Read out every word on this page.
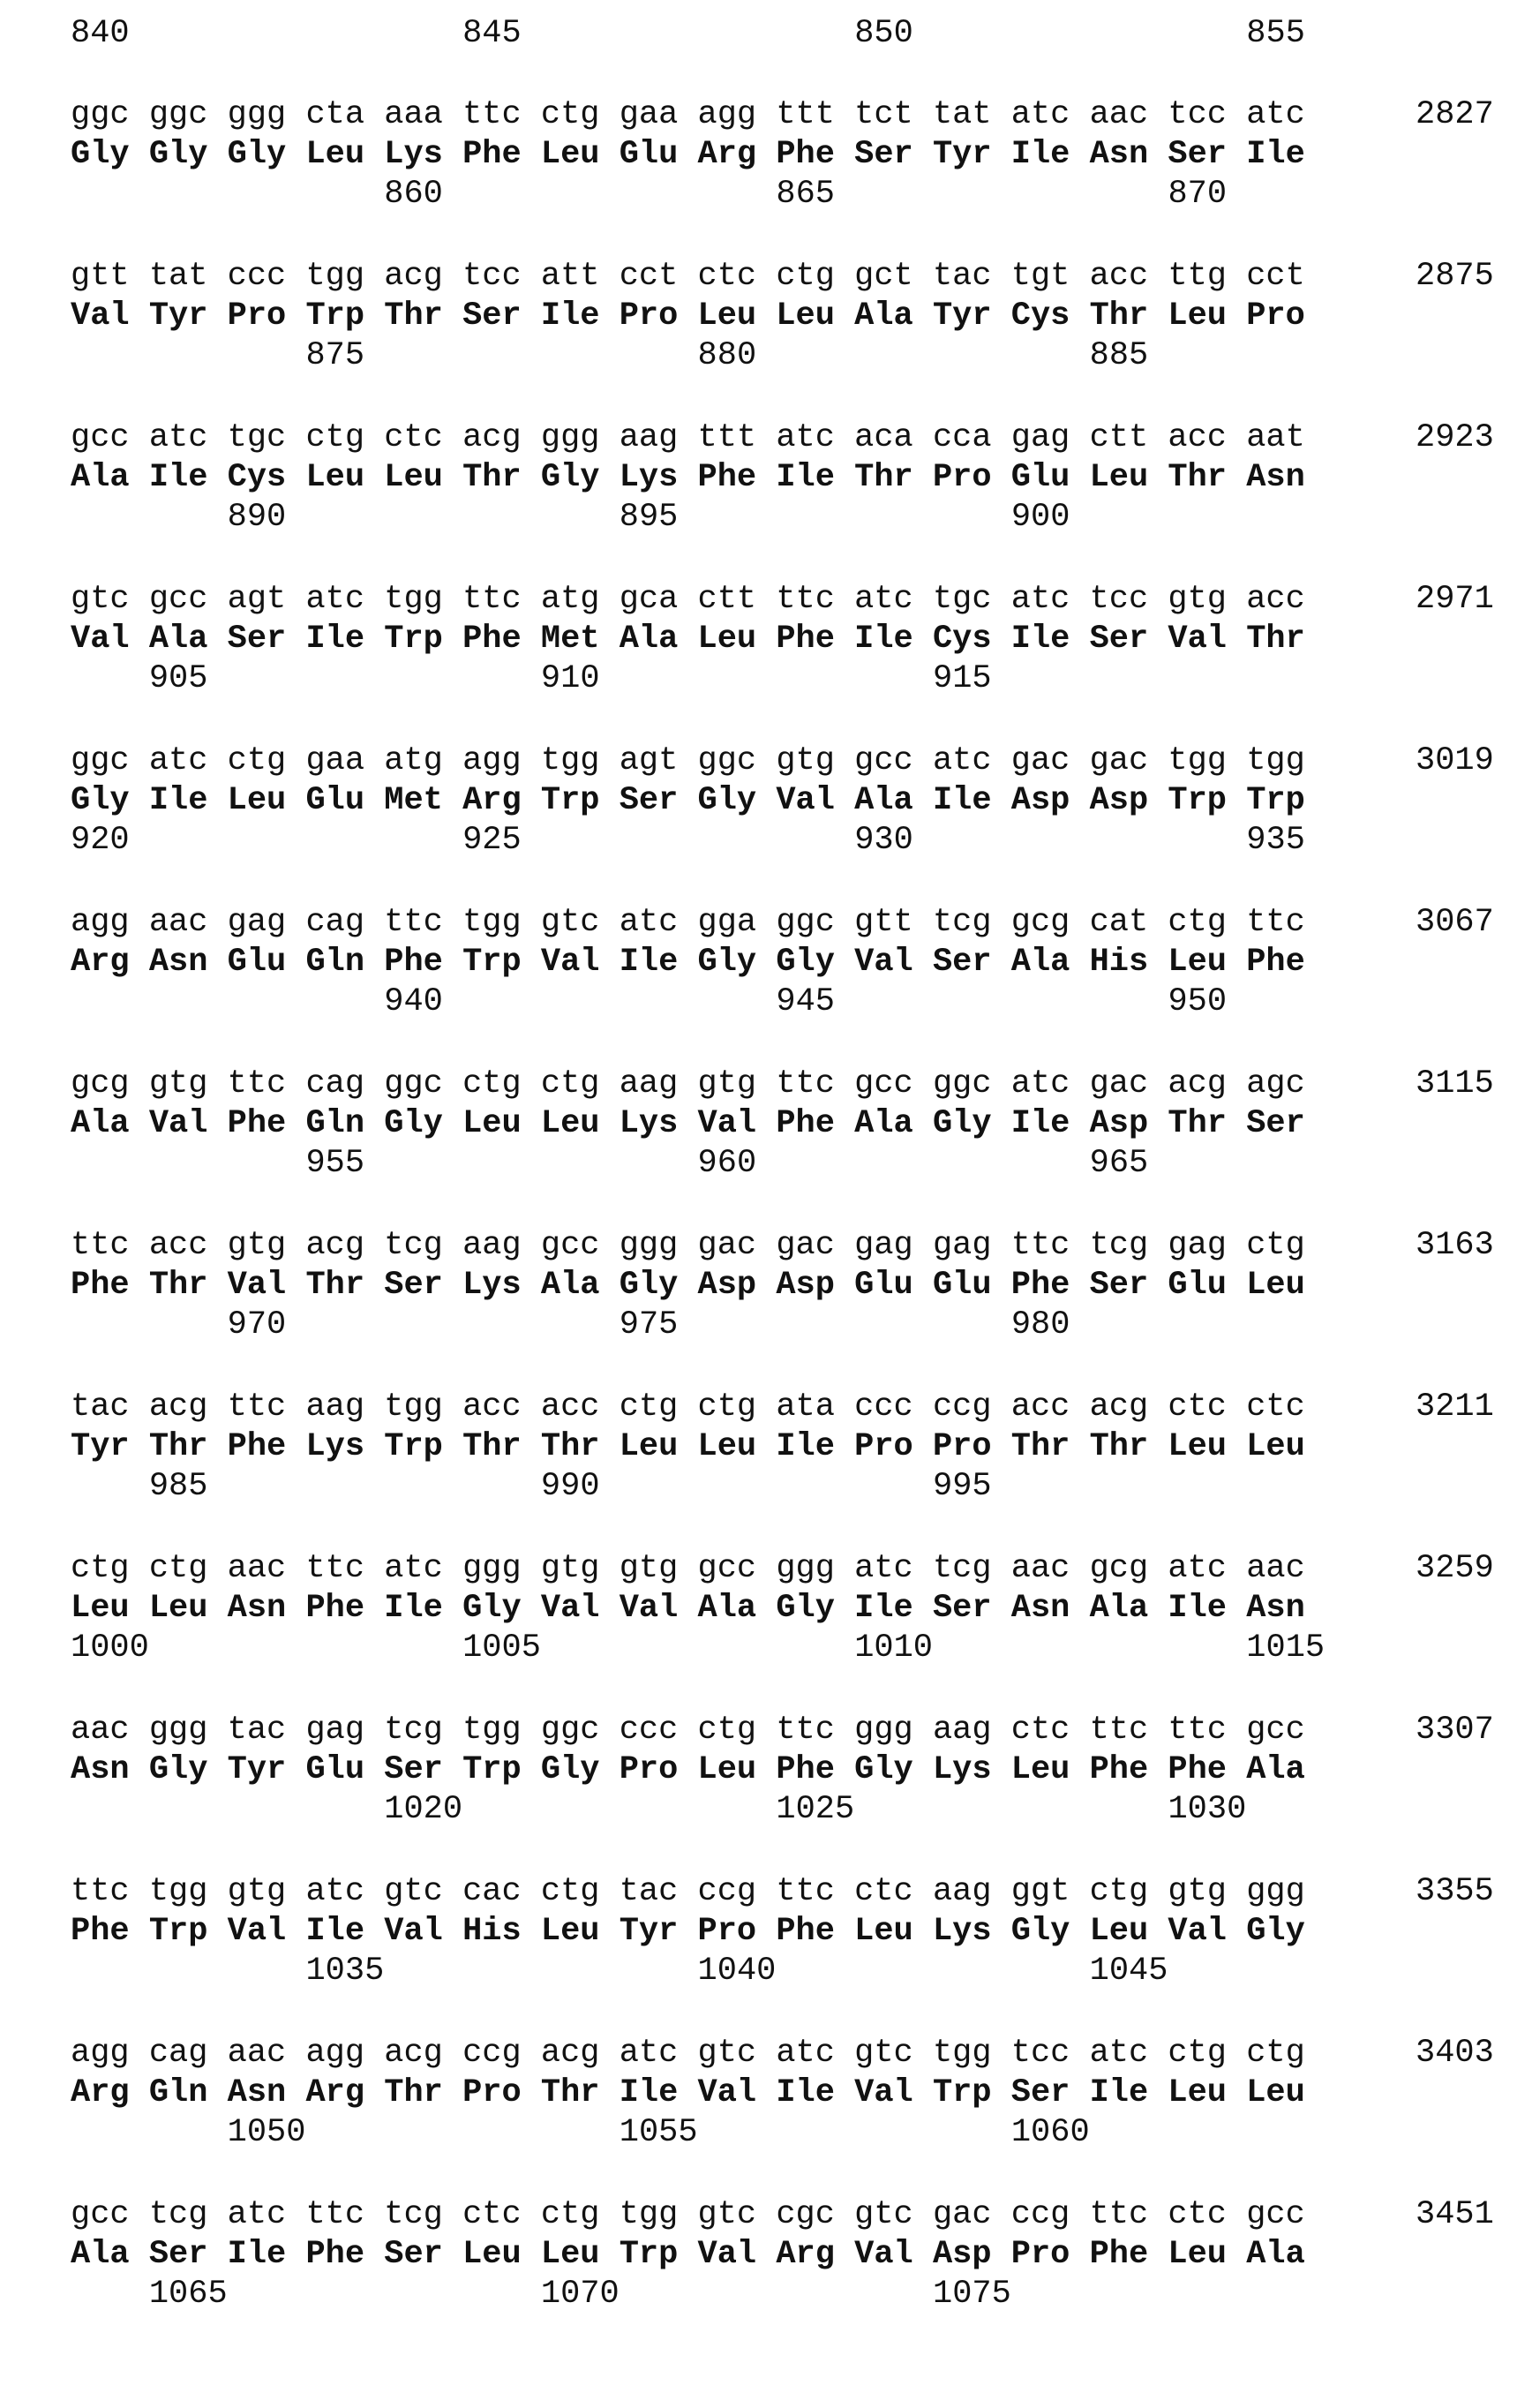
840	845	850	855
ggc ggc ggg cta aaa ttc ctg gaa agg ttt tct tat atc aac tcc atc	2827
Gly Gly Gly Leu Lys Phe Leu Glu Arg Phe Ser Tyr Ile Asn Ser Ile
860	865	870
gtt tat ccc tgg acg tcc att cct ctc ctg gct tac tgt acc ttg cct	2875
Val Tyr Pro Trp Thr Ser Ile Pro Leu Leu Ala Tyr Cys Thr Leu Pro
875	880	885
gcc atc tgc ctg ctc acg ggg aag ttt atc aca cca gag ctt acc aat	2923
Ala Ile Cys Leu Leu Thr Gly Lys Phe Ile Thr Pro Glu Leu Thr Asn
890	895	900
gtc gcc agt atc tgg ttc atg gca ctt ttc atc tgc atc tcc gtg acc	2971
Val Ala Ser Ile Trp Phe Met Ala Leu Phe Ile Cys Ile Ser Val Thr
905	910	915
ggc atc ctg gaa atg agg tgg agt ggc gtg gcc atc gac gac tgg tgg	3019
Gly Ile Leu Glu Met Arg Trp Ser Gly Val Ala Ile Asp Asp Trp Trp
920	925	930	935
agg aac gag cag ttc tgg gtc atc gga ggc gtt tcg gcg cat ctg ttc	3067
Arg Asn Glu Gln Phe Trp Val Ile Gly Gly Val Ser Ala His Leu Phe
940	945	950
gcg gtg ttc cag ggc ctg ctg aag gtg ttc gcc ggc atc gac acg agc	3115
Ala Val Phe Gln Gly Leu Leu Lys Val Phe Ala Gly Ile Asp Thr Ser
955	960	965
ttc acc gtg acg tcg aag gcc ggg gac gac gag gag ttc tcg gag ctg	3163
Phe Thr Val Thr Ser Lys Ala Gly Asp Asp Glu Glu Phe Ser Glu Leu
970	975	980
tac acg ttc aag tgg acc acc ctg ctg ata ccc ccg acc acg ctc ctc	3211
Tyr Thr Phe Lys Trp Thr Thr Leu Leu Ile Pro Pro Thr Thr Leu Leu
985	990	995
ctg ctg aac ttc atc ggg gtg gtg gcc ggg atc tcg aac gcg atc aac	3259
Leu Leu Asn Phe Ile Gly Val Val Ala Gly Ile Ser Asn Ala Ile Asn
1000	1005	1010	1015
aac ggg tac gag tcg tgg ggc ccc ctg ttc ggg aag ctc ttc ttc gcc	3307
Asn Gly Tyr Glu Ser Trp Gly Pro Leu Phe Gly Lys Leu Phe Phe Ala
1020	1025	1030
ttc tgg gtg atc gtc cac ctg tac ccg ttc ctc aag ggt ctg gtg ggg	3355
Phe Trp Val Ile Val His Leu Tyr Pro Phe Leu Lys Gly Leu Val Gly
1035	1040	1045
agg cag aac agg acg ccg acg atc gtc atc gtc tgg tcc atc ctg ctg	3403
Arg Gln Asn Arg Thr Pro Thr Ile Val Ile Val Trp Ser Ile Leu Leu
1050	1055	1060
gcc tcg atc ttc tcg ctc ctg tgg gtc cgc gtc gac ccg ttc ctc gcc	3451
Ala Ser Ile Phe Ser Leu Leu Trp Val Arg Val Asp Pro Phe Leu Ala
1065	1070	1075
